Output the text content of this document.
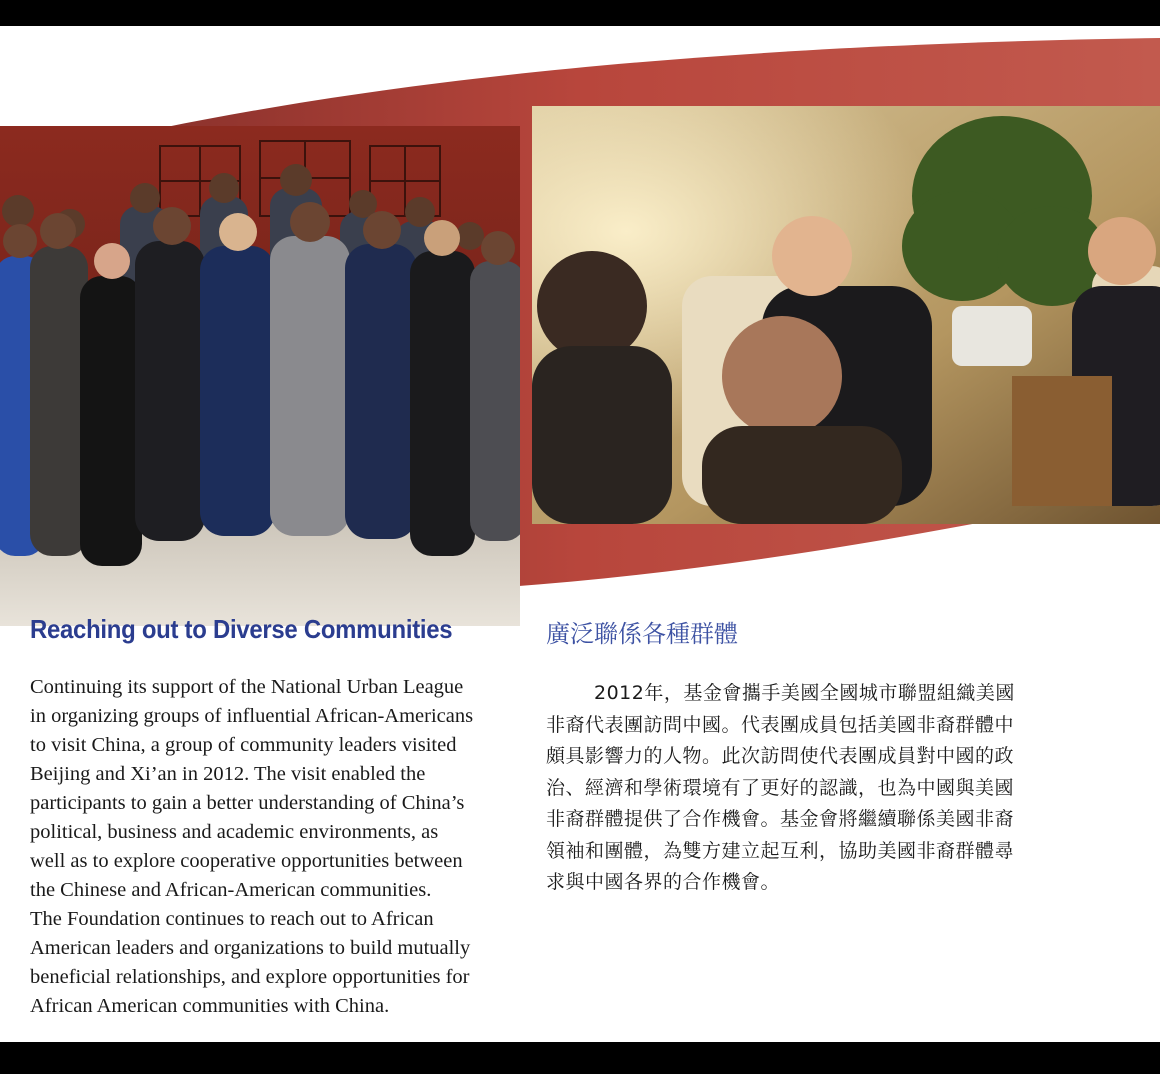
Reaching out to Diverse Communities	廣泛聯係各種群體
Continuing its support of the National Urban League
in organizing groups of influential African-Americans
to visit China, a group of community leaders visited
Beijing and Xi’an in 2012. The visit enabled the
participants to gain a better understanding of China’s
political, business and academic environments, as
well as to explore cooperative opportunities between
the Chinese and African-American communities.
The Foundation continues to reach out to African
American leaders and organizations to build mutually
beneficial relationships, and explore opportunities for
African American communities with China.
2012年，基金會攜手美國全國城市聯盟組織美國
非裔代表團訪問中國。代表團成員包括美國非裔群體中
頗具影響力的人物。此次訪問使代表團成員對中國的政
治、經濟和學術環境有了更好的認識，也為中國與美國
非裔群體提供了合作機會。基金會將繼續聯係美國非裔
領袖和團體，為雙方建立起互利，協助美國非裔群體尋
求與中國各界的合作機會。
